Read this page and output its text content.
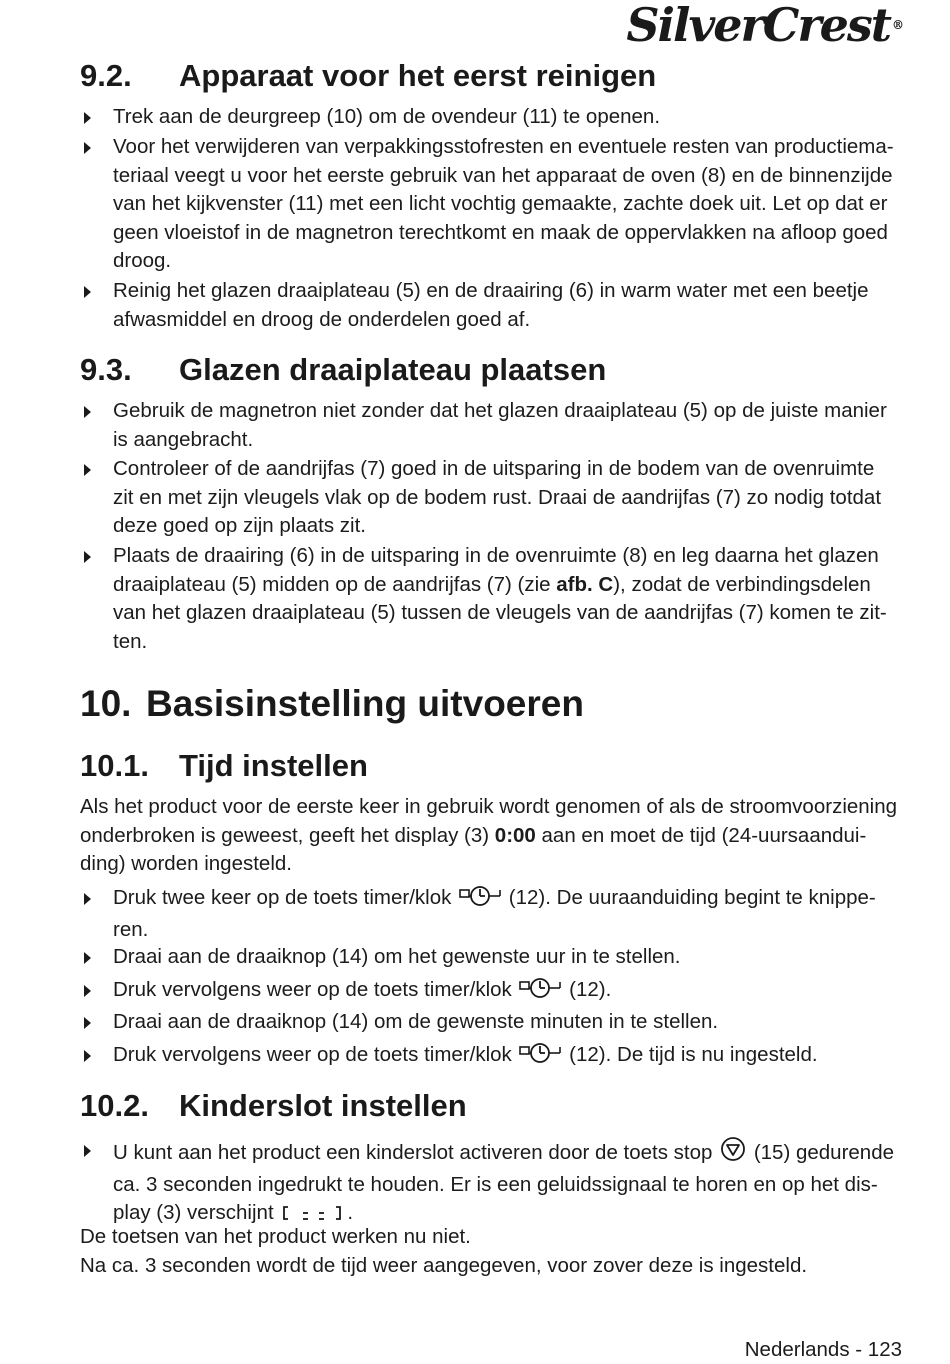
SilverCrest ®
9.2. Apparaat voor het eerst reinigen
Trek aan de deurgreep (10) om de ovendeur (11) te openen.
Voor het verwijderen van verpakkingsstofresten en eventuele resten van productiema-
teriaal veegt u voor het eerste gebruik van het apparaat de oven (8) en de binnenzijde
van het kijkvenster (11) met een licht vochtig gemaakte, zachte doek uit. Let op dat er
geen vloeistof in de magnetron terechtkomt en maak de oppervlakken na afloop goed
droog.
Reinig het glazen draaiplateau (5) en de draairing (6) in warm water met een beetje
afwasmiddel en droog de onderdelen goed af.
9.3. Glazen draaiplateau plaatsen
Gebruik de magnetron niet zonder dat het glazen draaiplateau (5) op de juiste manier
is aangebracht.
Controleer of de aandrijfas (7) goed in de uitsparing in de bodem van de ovenruimte
zit en met zijn vleugels vlak op de bodem rust. Draai de aandrijfas (7) zo nodig totdat
deze goed op zijn plaats zit.
Plaats de draairing (6) in de uitsparing in de ovenruimte (8) en leg daarna het glazen
draaiplateau (5) midden op de aandrijfas (7) (zie afb. C), zodat de verbindingsdelen
van het glazen draaiplateau (5) tussen de vleugels van de aandrijfas (7) komen te zit-
ten.
10. Basisinstelling uitvoeren
10.1. Tijd instellen

Als het product voor de eerste keer in gebruik wordt genomen of als de stroomvoorziening
onderbroken is geweest, geeft het display (3) 0:00 aan en moet de tijd (24-uursaandui-
ding) worden ingesteld.

Druk twee keer op de toets timer/klok  (12). De uuraanduiding begint te knippe-
ren.
Draai aan de draaiknop (14) om het gewenste uur in te stellen.
Druk vervolgens weer op de toets timer/klok  (12).
Draai aan de draaiknop (14) om de gewenste minuten in te stellen.
Druk vervolgens weer op de toets timer/klok  (12). De tijd is nu ingesteld.
10.2. Kinderslot instellen
U kunt aan het product een kinderslot activeren door de toets stop  (15) gedurende
ca. 3 seconden ingedrukt te houden. Er is een geluidssignaal te horen en op het dis-
play (3) verschijnt	.

De toetsen van het product werken nu niet.
Na ca. 3 seconden wordt de tijd weer aangegeven, voor zover deze is ingesteld.

Nederlands - 123
